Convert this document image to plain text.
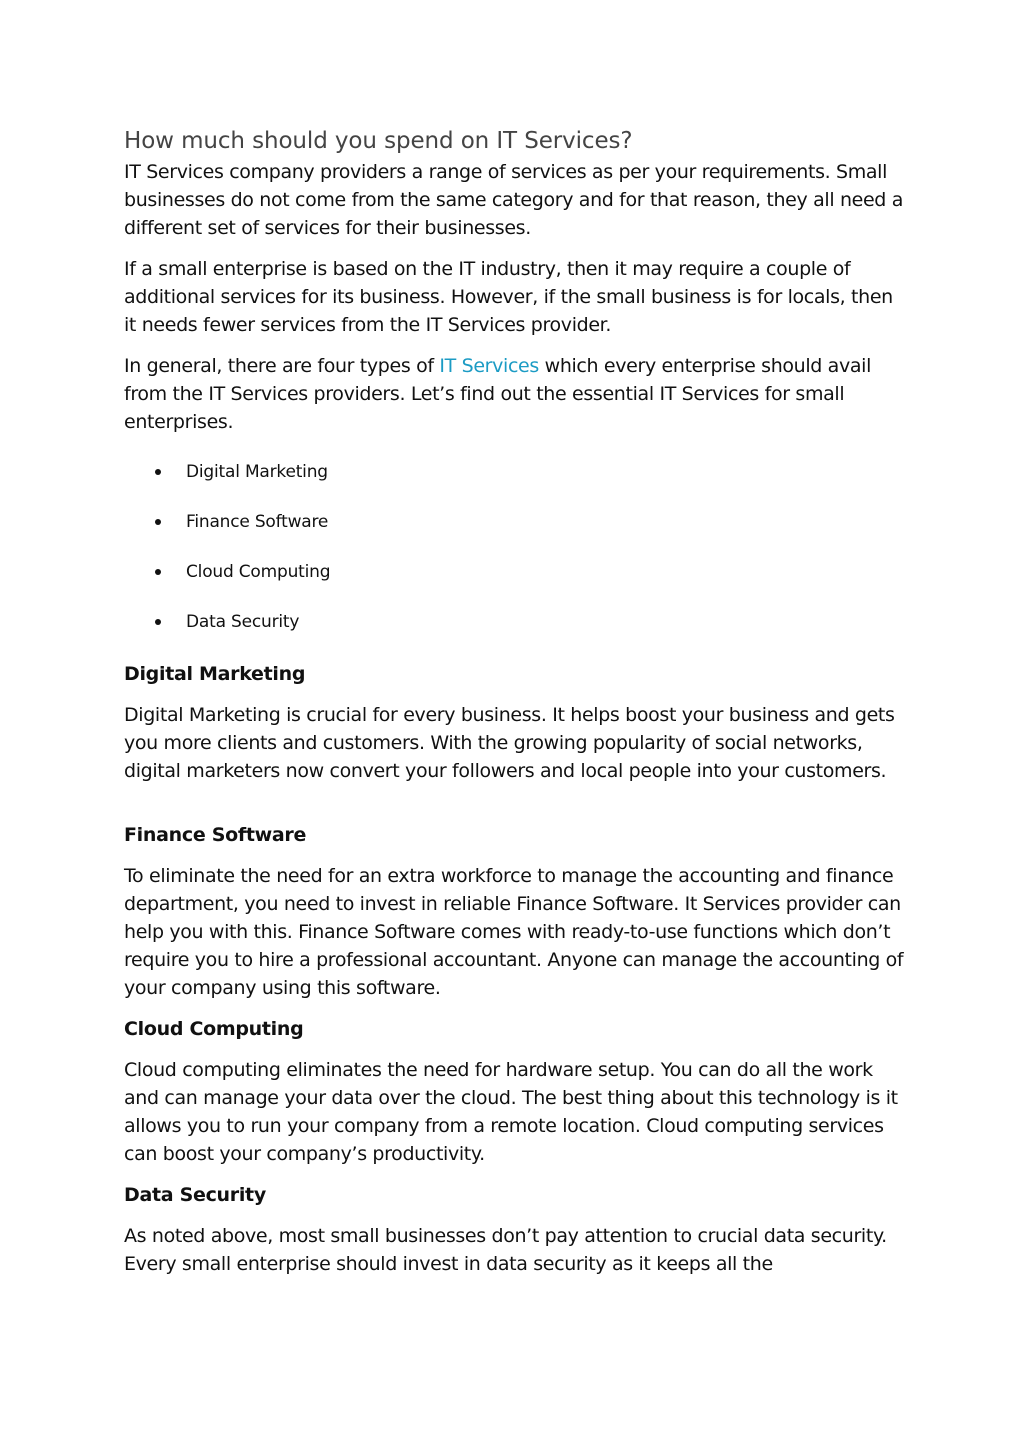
How much should you spend on IT Services?

IT Services company providers a range of services as per your requirements. Small businesses do not come from the same category and for that reason, they all need a different set of services for their businesses.

If a small enterprise is based on the IT industry, then it may require a couple of additional services for its business. However, if the small business is for locals, then it needs fewer services from the IT Services provider.

In general, there are four types of IT Services which every enterprise should avail from the IT Services providers. Let’s find out the essential IT Services for small enterprises.

Digital Marketing
Finance Software
Cloud Computing
Data Security
Digital Marketing

Digital Marketing is crucial for every business. It helps boost your business and gets you more clients and customers. With the growing popularity of social networks, digital marketers now convert your followers and local people into your customers.

Finance Software

To eliminate the need for an extra workforce to manage the accounting and finance department, you need to invest in reliable Finance Software. It Services provider can help you with this. Finance Software comes with ready-to-use functions which don’t require you to hire a professional accountant. Anyone can manage the accounting of your company using this software.

Cloud Computing

Cloud computing eliminates the need for hardware setup. You can do all the work and can manage your data over the cloud. The best thing about this technology is it allows you to run your company from a remote location. Cloud computing services can boost your company’s productivity.

Data Security

As noted above, most small businesses don’t pay attention to crucial data security. Every small enterprise should invest in data security as it keeps all the
